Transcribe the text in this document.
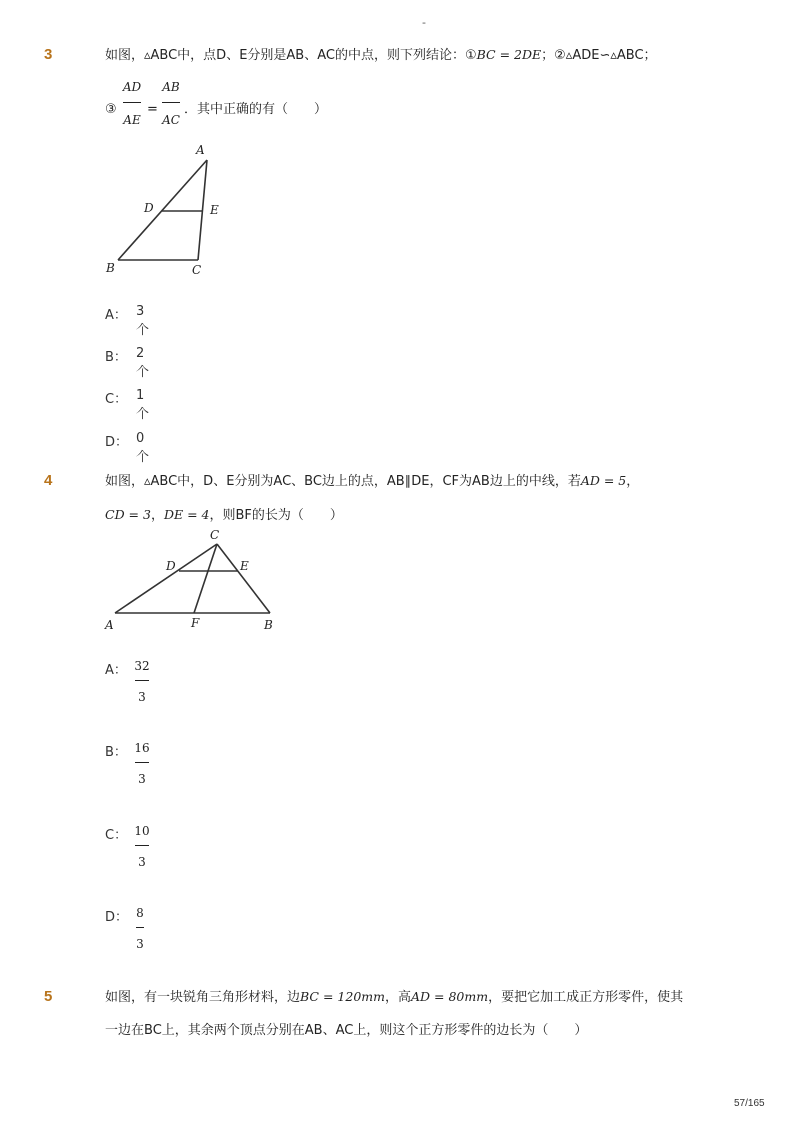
-
3	如图，▵ABC中，点D、E分别是AB、AC的中点，则下列结论：①BC = 2DE；②▵ADE∽▵ABC；
③
AD
AE
=
AB
AC
．其中正确的有（　　）
A
D	E
B	C
A： 3个
B： 2个
C： 1个
D： 0个
4	如图，▵ABC中，D、E分别为AC、BC边上的点，AB∥DE，CF为AB边上的中线，若AD = 5，
CD = 3，DE = 4，则BF的长为（　　）
C
D	E
A	F	B
A： 32
3
B： 16
3
C： 10
3
D： 8
3
5	如图，有一块锐角三角形材料，边BC = 120mm，高AD = 80mm，要把它加工成正方形零件，使其
一边在BC上，其余两个顶点分别在AB、AC上，则这个正方形零件的边长为（　　）
57/165
